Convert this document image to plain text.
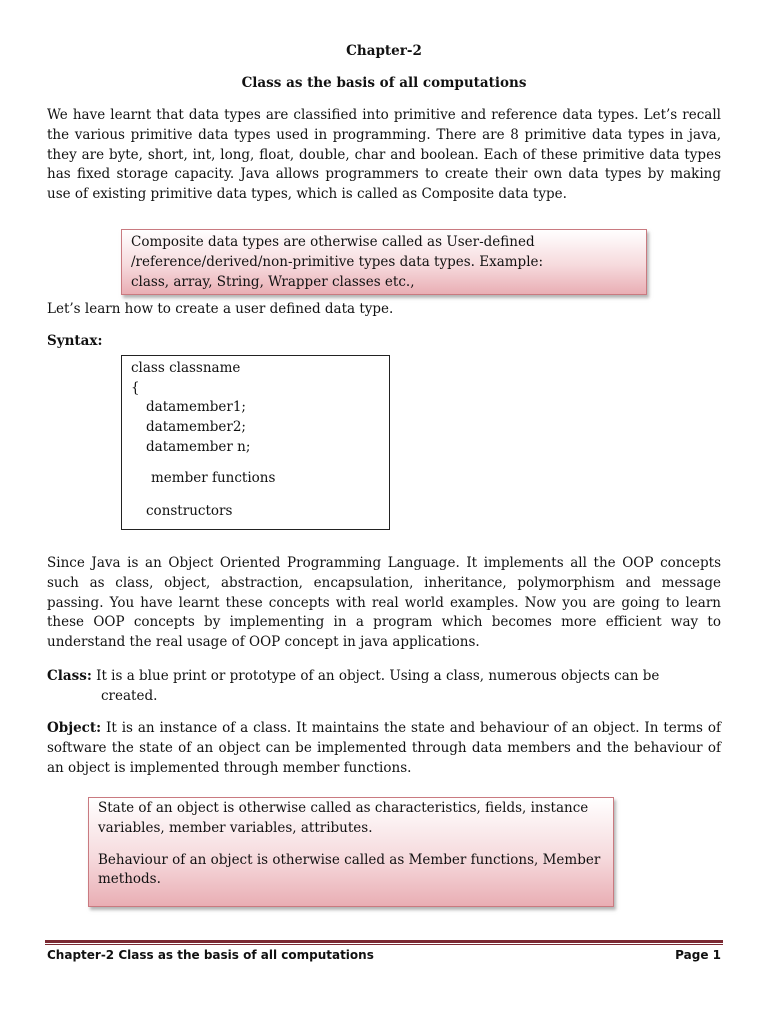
Chapter-2
Class as the basis of all computations
We have learnt that data types are classified into primitive and reference data types. Let’s recall the various primitive data types used in programming. There are 8 primitive data types in java, they are byte, short, int, long, float, double, char and boolean. Each of these primitive data types has fixed storage capacity. Java allows programmers to create their own data types by making use of existing primitive data types, which is called as Composite data type.
Composite data types are otherwise called as User-defined
/reference/derived/non-primitive types data types. Example:
class, array, String, Wrapper classes etc.,
Let’s learn how to create a user defined data type.
Syntax:
class classname
{
datamember1;
datamember2;
datamember n;
member functions
constructors
Since Java is an Object Oriented Programming Language. It implements all the OOP concepts such as class, object, abstraction, encapsulation, inheritance, polymorphism and message passing. You have learnt these concepts with real world examples. Now you are going to learn these OOP concepts by implementing in a program which becomes more efficient way to understand the real usage of OOP concept in java applications.
Class: It is a blue print or prototype of an object. Using a class, numerous objects can be
created.
Object: It is an instance of a class. It maintains the state and behaviour of an object. In terms of software the state of an object can be implemented through data members and the behaviour of an object is implemented through member functions.

State of an object is otherwise called as characteristics, fields, instance variables, member variables, attributes.

Behaviour of an object is otherwise called as Member functions, Member methods.

Chapter-2 Class as the basis of all computations	Page 1
